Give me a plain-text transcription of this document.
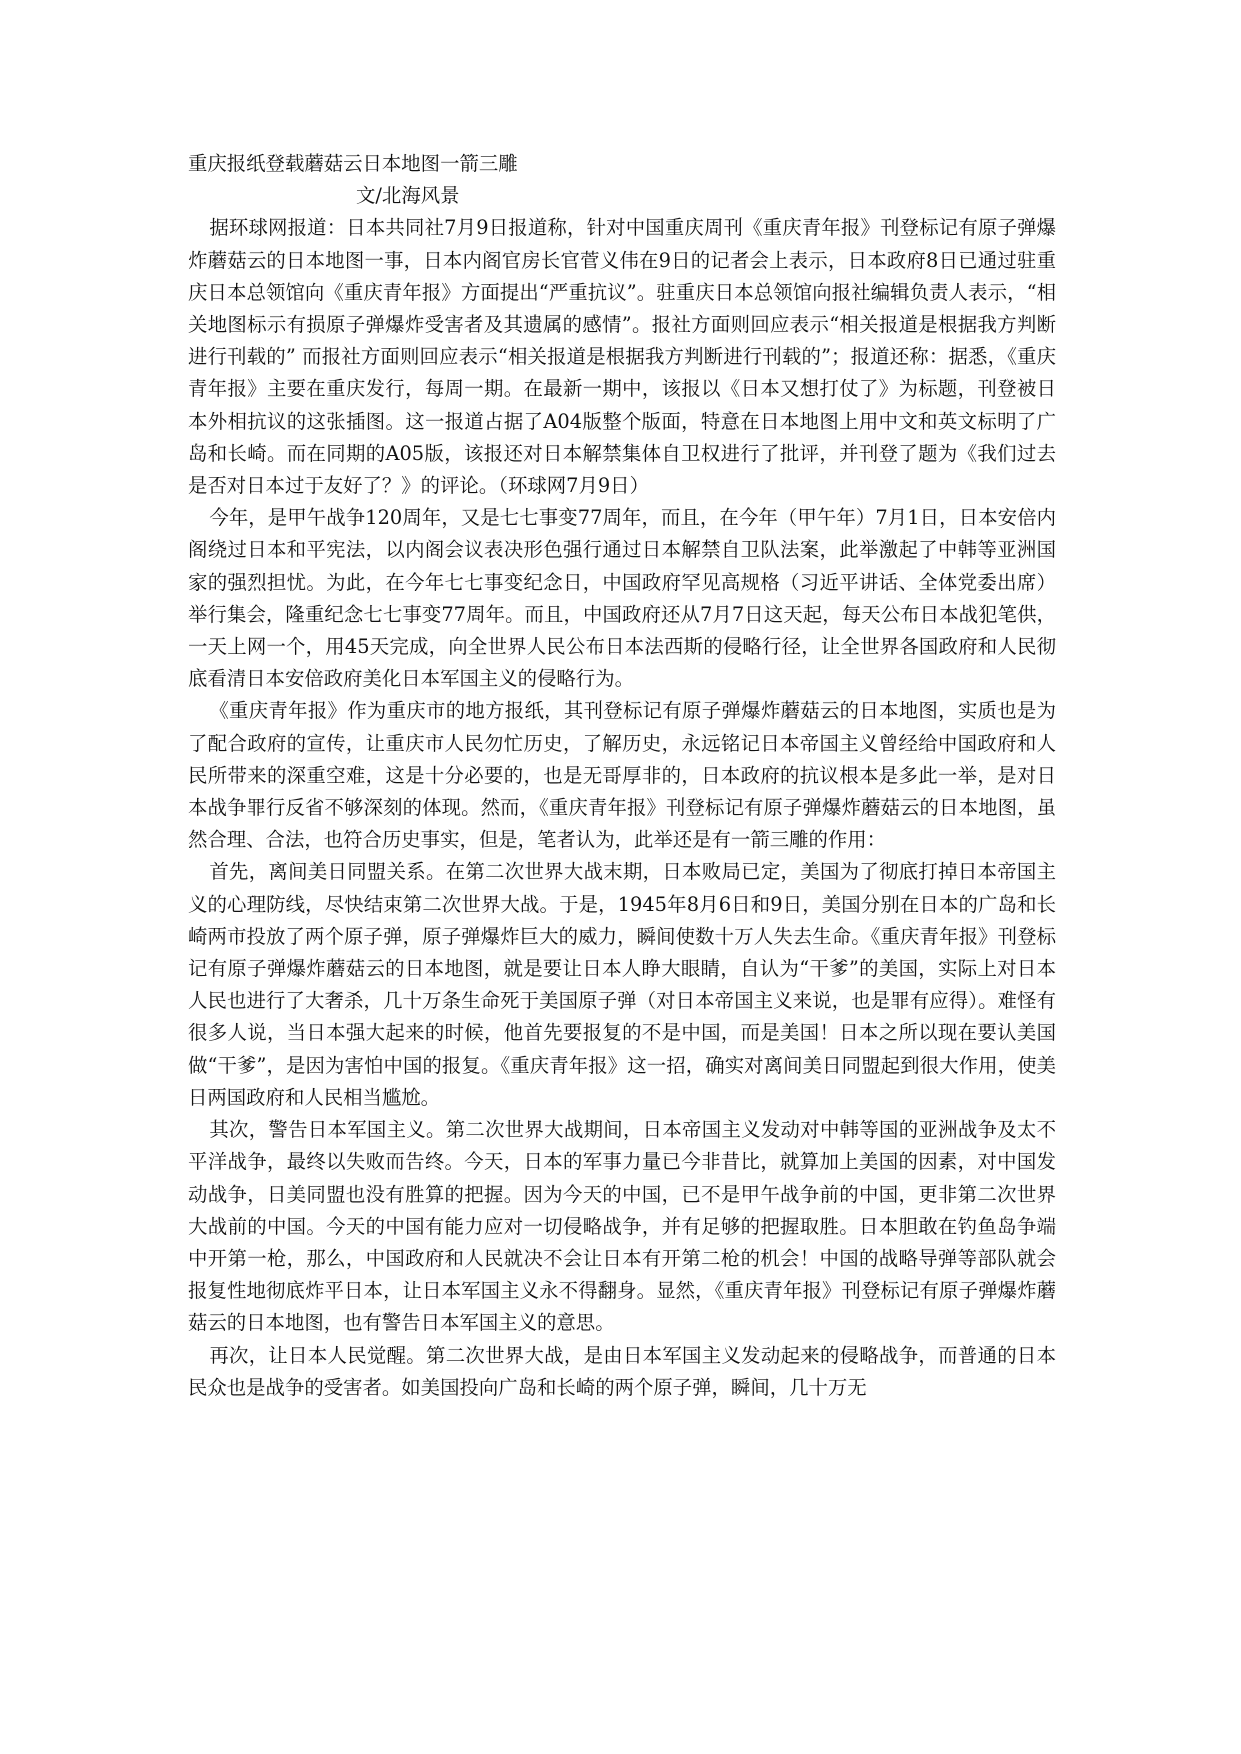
重庆报纸登载蘑菇云日本地图一箭三雕

文/北海风景

据环球网报道：日本共同社7月9日报道称，针对中国重庆周刊《重庆青年报》刊登标记有原子弹爆炸蘑菇云的日本地图一事，日本内阁官房长官菅义伟在9日的记者会上表示，日本政府8日已通过驻重庆日本总领馆向《重庆青年报》方面提出“严重抗议”。驻重庆日本总领馆向报社编辑负责人表示，“相关地图标示有损原子弹爆炸受害者及其遗属的感情”。报社方面则回应表示“相关报道是根据我方判断进行刊载的” 而报社方面则回应表示“相关报道是根据我方判断进行刊载的”；报道还称：据悉，《重庆青年报》主要在重庆发行，每周一期。在最新一期中，该报以《日本又想打仗了》为标题，刊登被日本外相抗议的这张插图。这一报道占据了A04版整个版面，特意在日本地图上用中文和英文标明了广岛和长崎。而在同期的A05版，该报还对日本解禁集体自卫权进行了批评，并刊登了题为《我们过去是否对日本过于友好了？》的评论。（环球网7月9日）

今年，是甲午战争120周年，又是七七事变77周年，而且，在今年（甲午年）7月1日，日本安倍内阁绕过日本和平宪法，以内阁会议表决形色强行通过日本解禁自卫队法案，此举激起了中韩等亚洲国家的强烈担忧。为此，在今年七七事变纪念日，中国政府罕见高规格（习近平讲话、全体党委出席）举行集会，隆重纪念七七事变77周年。而且，中国政府还从7月7日这天起，每天公布日本战犯笔供，一天上网一个，用45天完成，向全世界人民公布日本法西斯的侵略行径，让全世界各国政府和人民彻底看清日本安倍政府美化日本军国主义的侵略行为。

《重庆青年报》作为重庆市的地方报纸，其刊登标记有原子弹爆炸蘑菇云的日本地图，实质也是为了配合政府的宣传，让重庆市人民勿忙历史，了解历史，永远铭记日本帝国主义曾经给中国政府和人民所带来的深重空难，这是十分必要的，也是无哥厚非的，日本政府的抗议根本是多此一举，是对日本战争罪行反省不够深刻的体现。然而，《重庆青年报》刊登标记有原子弹爆炸蘑菇云的日本地图，虽然合理、合法，也符合历史事实，但是，笔者认为，此举还是有一箭三雕的作用：

首先，离间美日同盟关系。在第二次世界大战末期，日本败局已定，美国为了彻底打掉日本帝国主义的心理防线，尽快结束第二次世界大战。于是，1945年8月6日和9日，美国分别在日本的广岛和长崎两市投放了两个原子弹，原子弹爆炸巨大的威力，瞬间使数十万人失去生命。《重庆青年报》刊登标记有原子弹爆炸蘑菇云的日本地图，就是要让日本人睁大眼睛，自认为“干爹”的美国，实际上对日本人民也进行了大奢杀，几十万条生命死于美国原子弹（对日本帝国主义来说，也是罪有应得）。难怪有很多人说，当日本强大起来的时候，他首先要报复的不是中国，而是美国！日本之所以现在要认美国做“干爹”，是因为害怕中国的报复。《重庆青年报》这一招，确实对离间美日同盟起到很大作用，使美日两国政府和人民相当尴尬。

其次，警告日本军国主义。第二次世界大战期间，日本帝国主义发动对中韩等国的亚洲战争及太不平洋战争，最终以失败而告终。今天，日本的军事力量已今非昔比，就算加上美国的因素，对中国发动战争，日美同盟也没有胜算的把握。因为今天的中国，已不是甲午战争前的中国，更非第二次世界大战前的中国。今天的中国有能力应对一切侵略战争，并有足够的把握取胜。日本胆敢在钓鱼岛争端中开第一枪，那么，中国政府和人民就决不会让日本有开第二枪的机会！中国的战略导弹等部队就会报复性地彻底炸平日本，让日本军国主义永不得翻身。显然，《重庆青年报》刊登标记有原子弹爆炸蘑菇云的日本地图，也有警告日本军国主义的意思。

再次，让日本人民觉醒。第二次世界大战，是由日本军国主义发动起来的侵略战争，而普通的日本民众也是战争的受害者。如美国投向广岛和长崎的两个原子弹，瞬间，几十万无
